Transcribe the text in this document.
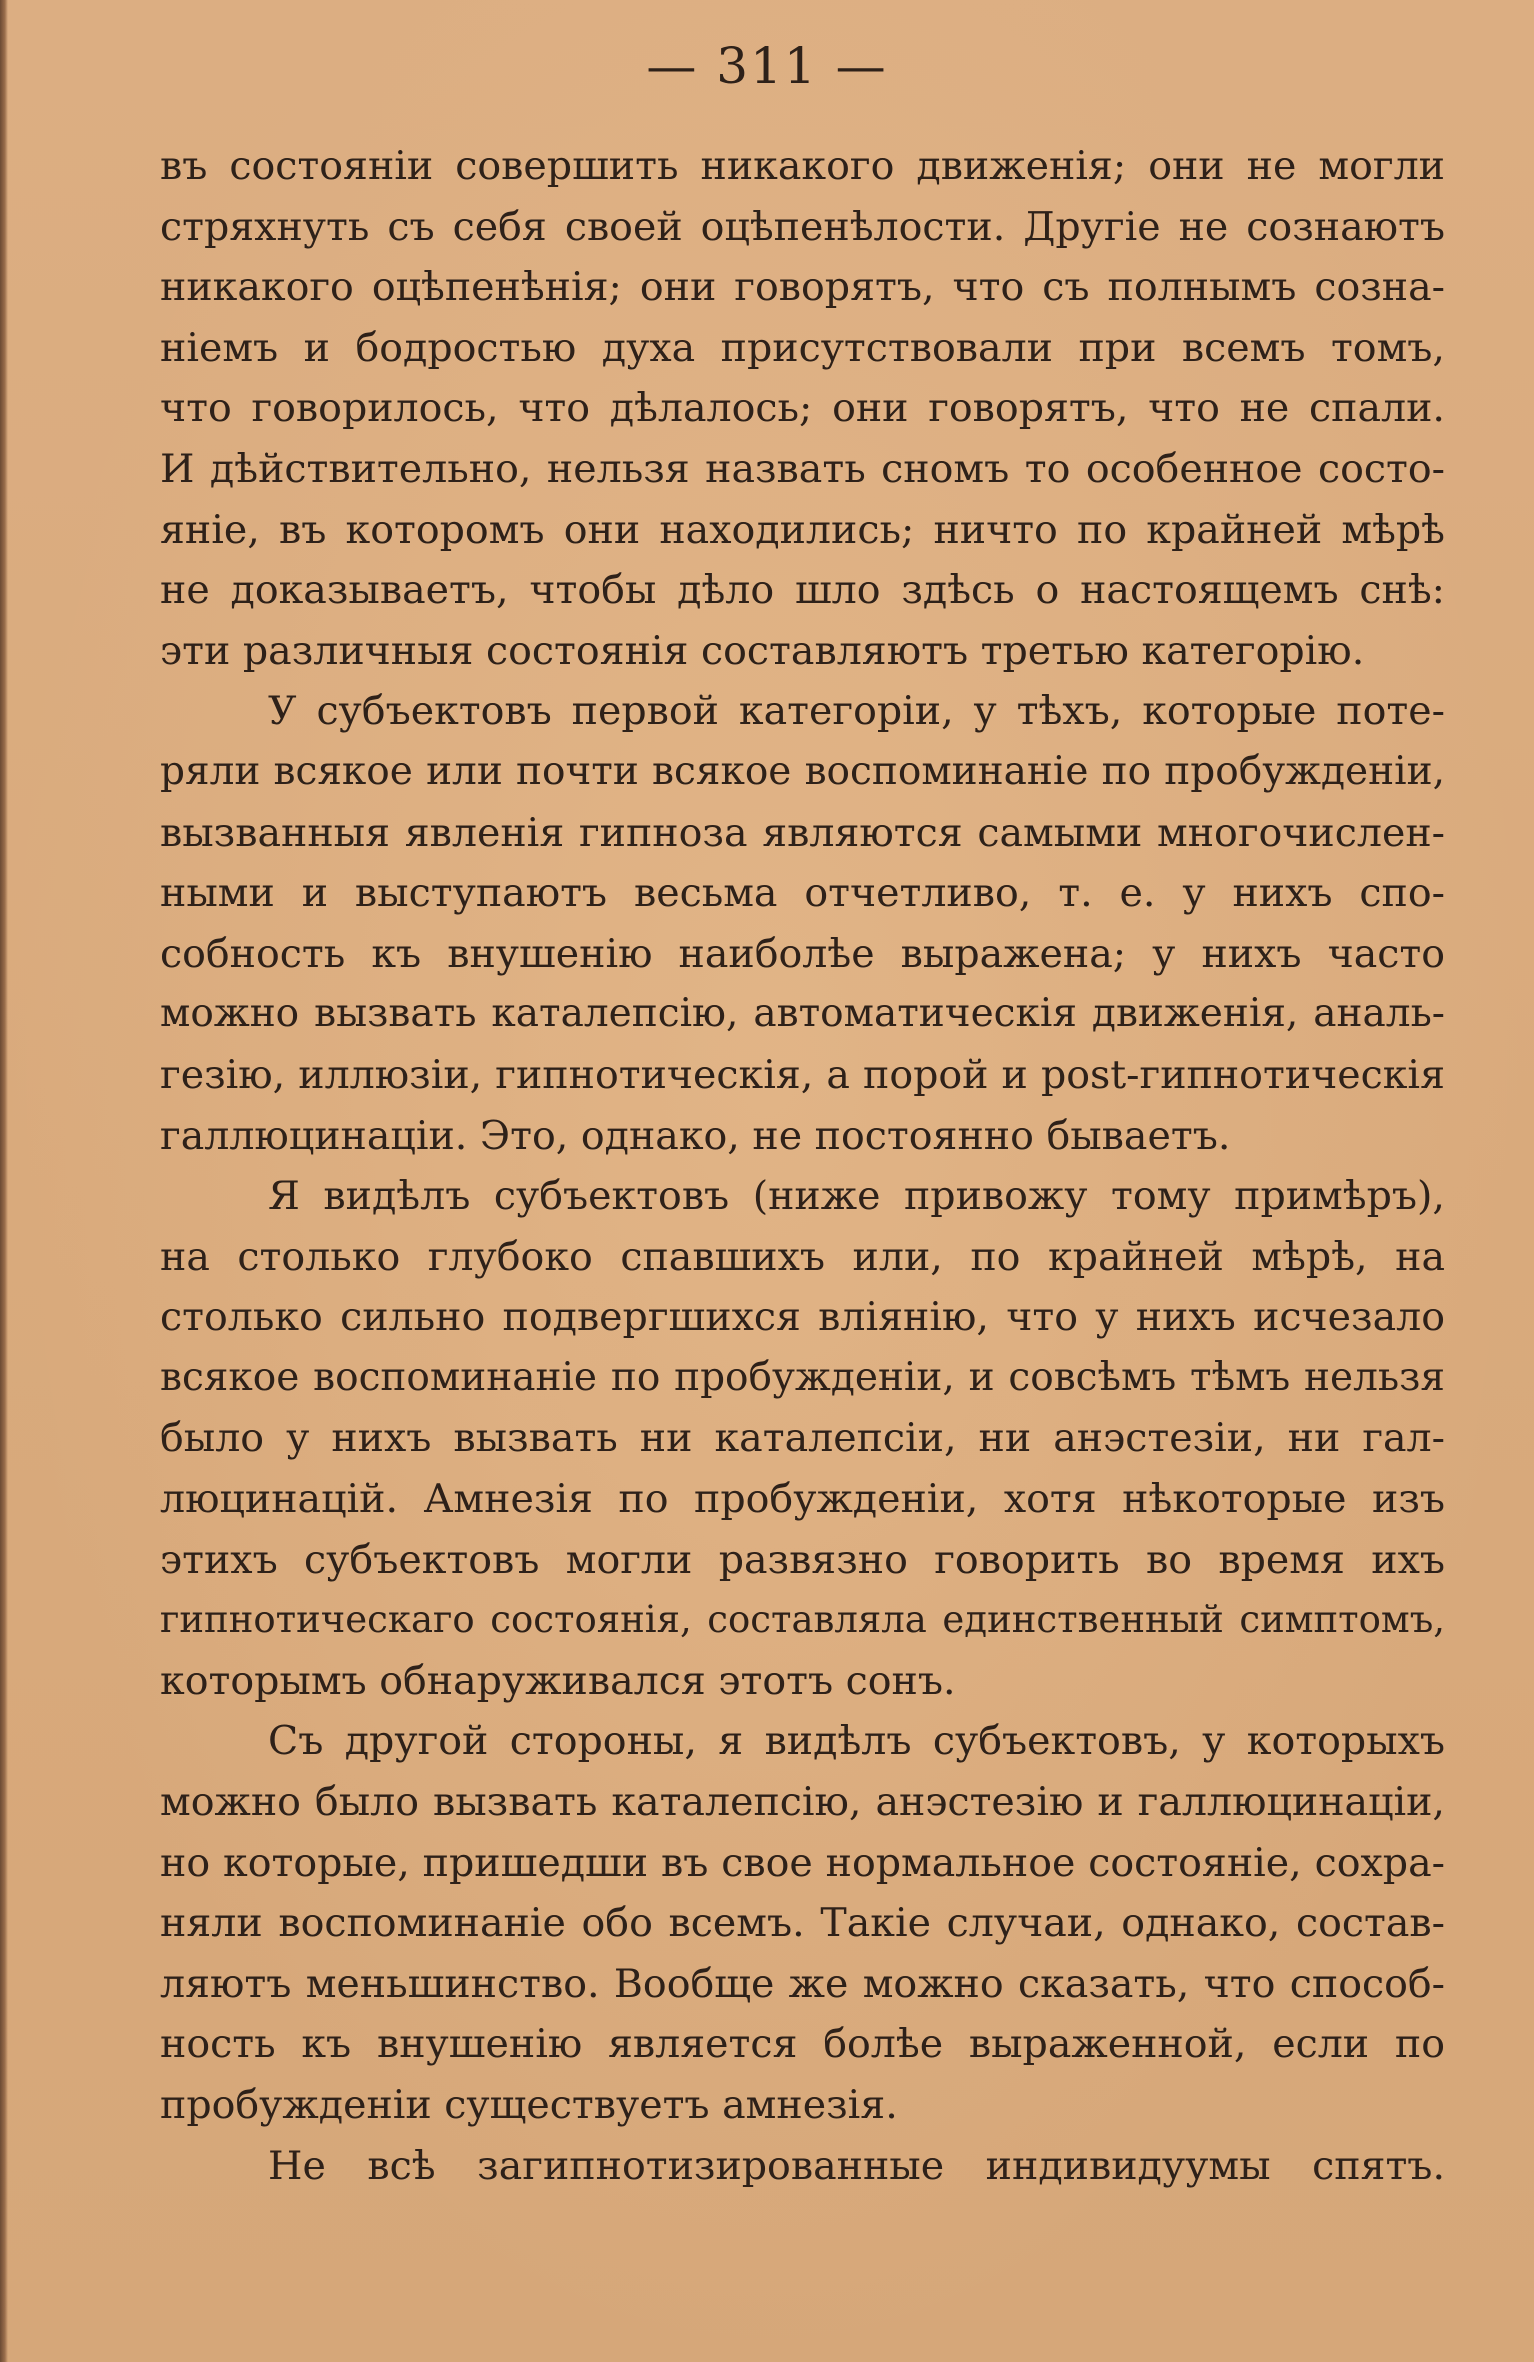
— 311 —
въ состояніи совершить никакого движенія; они не могли
стряхнуть съ себя своей оцѣпенѣлости. Другіе не сознаютъ
никакого оцѣпенѣнія; они говорятъ, что съ полнымъ созна-
ніемъ и бодростью духа присутствовали при всемъ томъ,
что говорилось, что дѣлалось; они говорятъ, что не спали.
И дѣйствительно, нельзя назвать сномъ то особенное состо-
яніе, въ которомъ они находились; ничто по крайней мѣрѣ
не доказываетъ, чтобы дѣло шло здѣсь о настоящемъ снѣ:
эти различныя состоянія составляютъ третью категорію.
У субъектовъ первой категоріи, у тѣхъ, которые поте-
ряли всякое или почти всякое воспоминаніе по пробужденіи,
вызванныя явленія гипноза являются самыми многочислен-
ными и выступаютъ весьма отчетливо, т. е. у нихъ спо-
собность къ внушенію наиболѣе выражена; у нихъ часто
можно вызвать каталепсію, автоматическія движенія, аналь-
гезію, иллюзіи, гипнотическія, а порой и post-гипнотическія
галлюцинаціи. Это, однако, не постоянно бываетъ.
Я видѣлъ субъектовъ (ниже привожу тому примѣръ),
на столько глубоко спавшихъ или, по крайней мѣрѣ, на
столько сильно подвергшихся вліянію, что у нихъ исчезало
всякое воспоминаніе по пробужденіи, и совсѣмъ тѣмъ нельзя
было у нихъ вызвать ни каталепсіи, ни анэстезіи, ни гал-
люцинацій. Амнезія по пробужденіи, хотя нѣкоторые изъ
этихъ субъектовъ могли развязно говорить во время ихъ
гипнотическаго состоянія, составляла единственный симптомъ,
которымъ обнаруживался этотъ сонъ.
Съ другой стороны, я видѣлъ субъектовъ, у которыхъ
можно было вызвать каталепсію, анэстезію и галлюцинаціи,
но которые, пришедши въ свое нормальное состояніе, сохра-
няли воспоминаніе обо всемъ. Такіе случаи, однако, состав-
ляютъ меньшинство. Вообще же можно сказать, что способ-
ность къ внушенію является болѣе выраженной, если по
пробужденіи существуетъ амнезія.
Не всѣ загипнотизированные индивидуумы спятъ.
